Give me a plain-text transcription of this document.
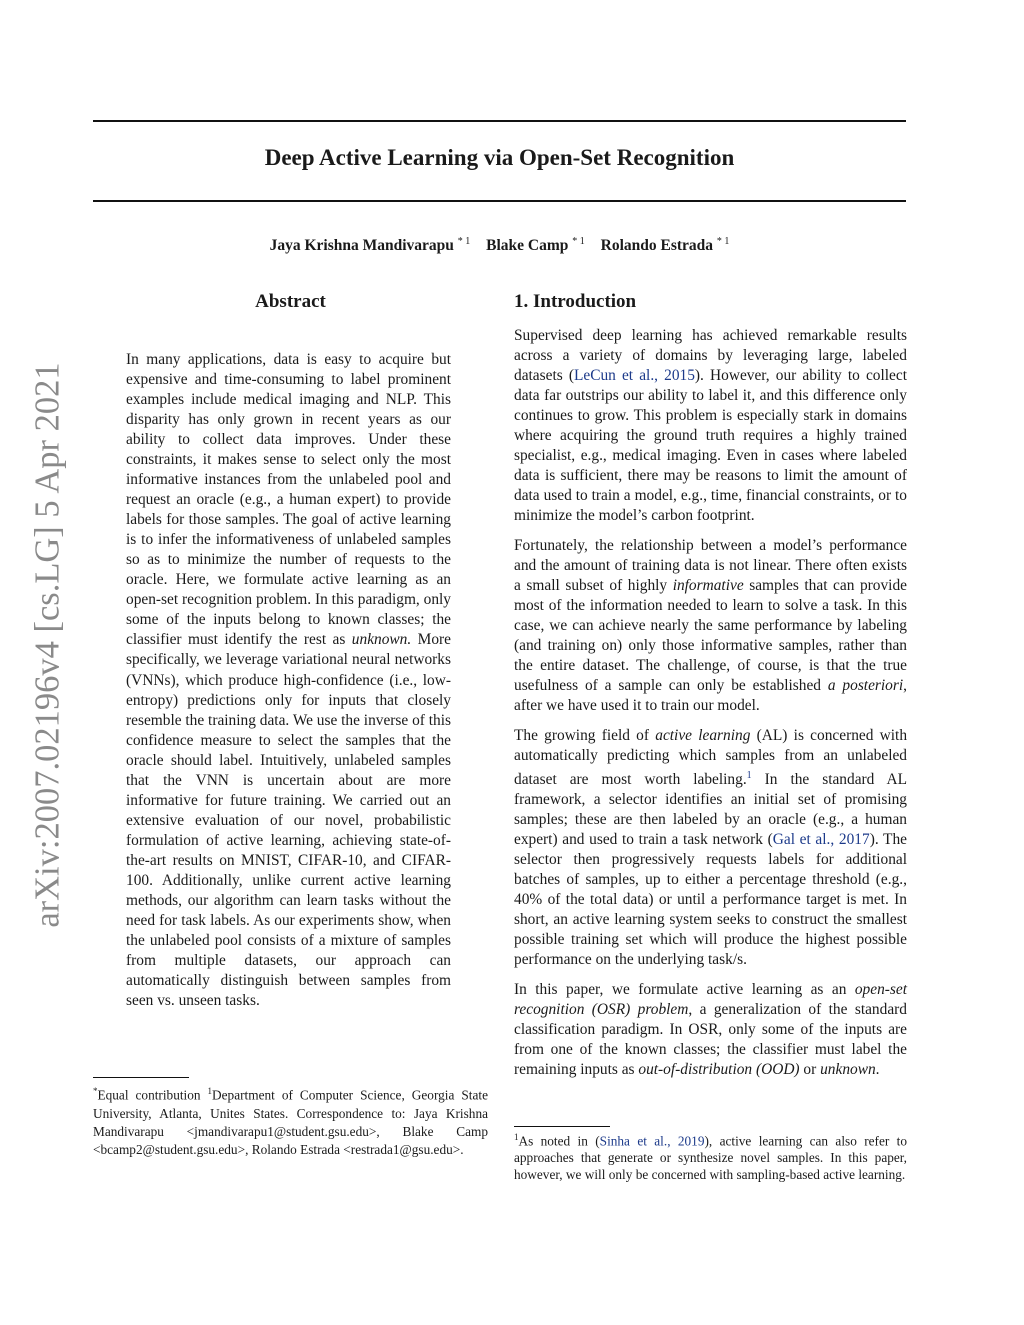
Deep Active Learning via Open-Set Recognition
Jaya Krishna Mandivarapu $^{* 1}$ Blake Camp $^{* 1}$ Rolando Estrada $^{* 1}$
arXiv:2007.02196v4 [cs.LG] 5 Apr 2021
Abstract

In many applications, data is easy to acquire but expensive and time-consuming to label prominent examples include medical imaging and NLP. This disparity has only grown in recent years as our ability to collect data improves. Under these constraints, it makes sense to select only the most informative instances from the unlabeled pool and request an oracle (e.g., a human expert) to provide labels for those samples. The goal of active learning is to infer the informativeness of unlabeled samples so as to minimize the number of requests to the oracle. Here, we formulate active learning as an open-set recognition problem. In this paradigm, only some of the inputs belong to known classes; the classifier must identify the rest as unknown. More specifically, we leverage variational neural networks (VNNs), which produce high-confidence (i.e., low-entropy) predictions only for inputs that closely resemble the training data. We use the inverse of this confidence measure to select the samples that the oracle should label. Intuitively, unlabeled samples that the VNN is uncertain about are more informative for future training. We carried out an extensive evaluation of our novel, probabilistic formulation of active learning, achieving state-of-the-art results on MNIST, CIFAR-10, and CIFAR-100. Additionally, unlike current active learning methods, our algorithm can learn tasks without the need for task labels. As our experiments show, when the unlabeled pool consists of a mixture of samples from multiple datasets, our approach can automatically distinguish between samples from seen vs. unseen tasks.

*Equal contribution $^1$Department of Computer Science, Georgia State University, Atlanta, Unites States. Correspondence to: Jaya Krishna Mandivarapu <jmandivarapu1@student.gsu.edu>, Blake Camp <bcamp2@student.gsu.edu>, Rolando Estrada <restrada1@gsu.edu>.

1. Introduction

Supervised deep learning has achieved remarkable results across a variety of domains by leveraging large, labeled datasets (LeCun et al., 2015). However, our ability to collect data far outstrips our ability to label it, and this difference only continues to grow. This problem is especially stark in domains where acquiring the ground truth requires a highly trained specialist, e.g., medical imaging. Even in cases where labeled data is sufficient, there may be reasons to limit the amount of data used to train a model, e.g., time, financial constraints, or to minimize the model’s carbon footprint.

Fortunately, the relationship between a model’s performance and the amount of training data is not linear. There often exists a small subset of highly informative samples that can provide most of the information needed to learn to solve a task. In this case, we can achieve nearly the same performance by labeling (and training on) only those informative samples, rather than the entire dataset. The challenge, of course, is that the true usefulness of a sample can only be established a posteriori, after we have used it to train our model.

The growing field of active learning (AL) is concerned with automatically predicting which samples from an unlabeled dataset are most worth labeling.$^1$ In the standard AL framework, a selector identifies an initial set of promising samples; these are then labeled by an oracle (e.g., a human expert) and used to train a task network (Gal et al., 2017). The selector then progressively requests labels for additional batches of samples, up to either a percentage threshold (e.g., 40% of the total data) or until a performance target is met. In short, an active learning system seeks to construct the smallest possible training set which will produce the highest possible performance on the underlying task/s.

In this paper, we formulate active learning as an open-set recognition (OSR) problem, a generalization of the standard classification paradigm. In OSR, only some of the inputs are from one of the known classes; the classifier must label the remaining inputs as out-of-distribution (OOD) or unknown.

$^1$As noted in (Sinha et al., 2019), active learning can also refer to approaches that generate or synthesize novel samples. In this paper, however, we will only be concerned with sampling-based active learning.
